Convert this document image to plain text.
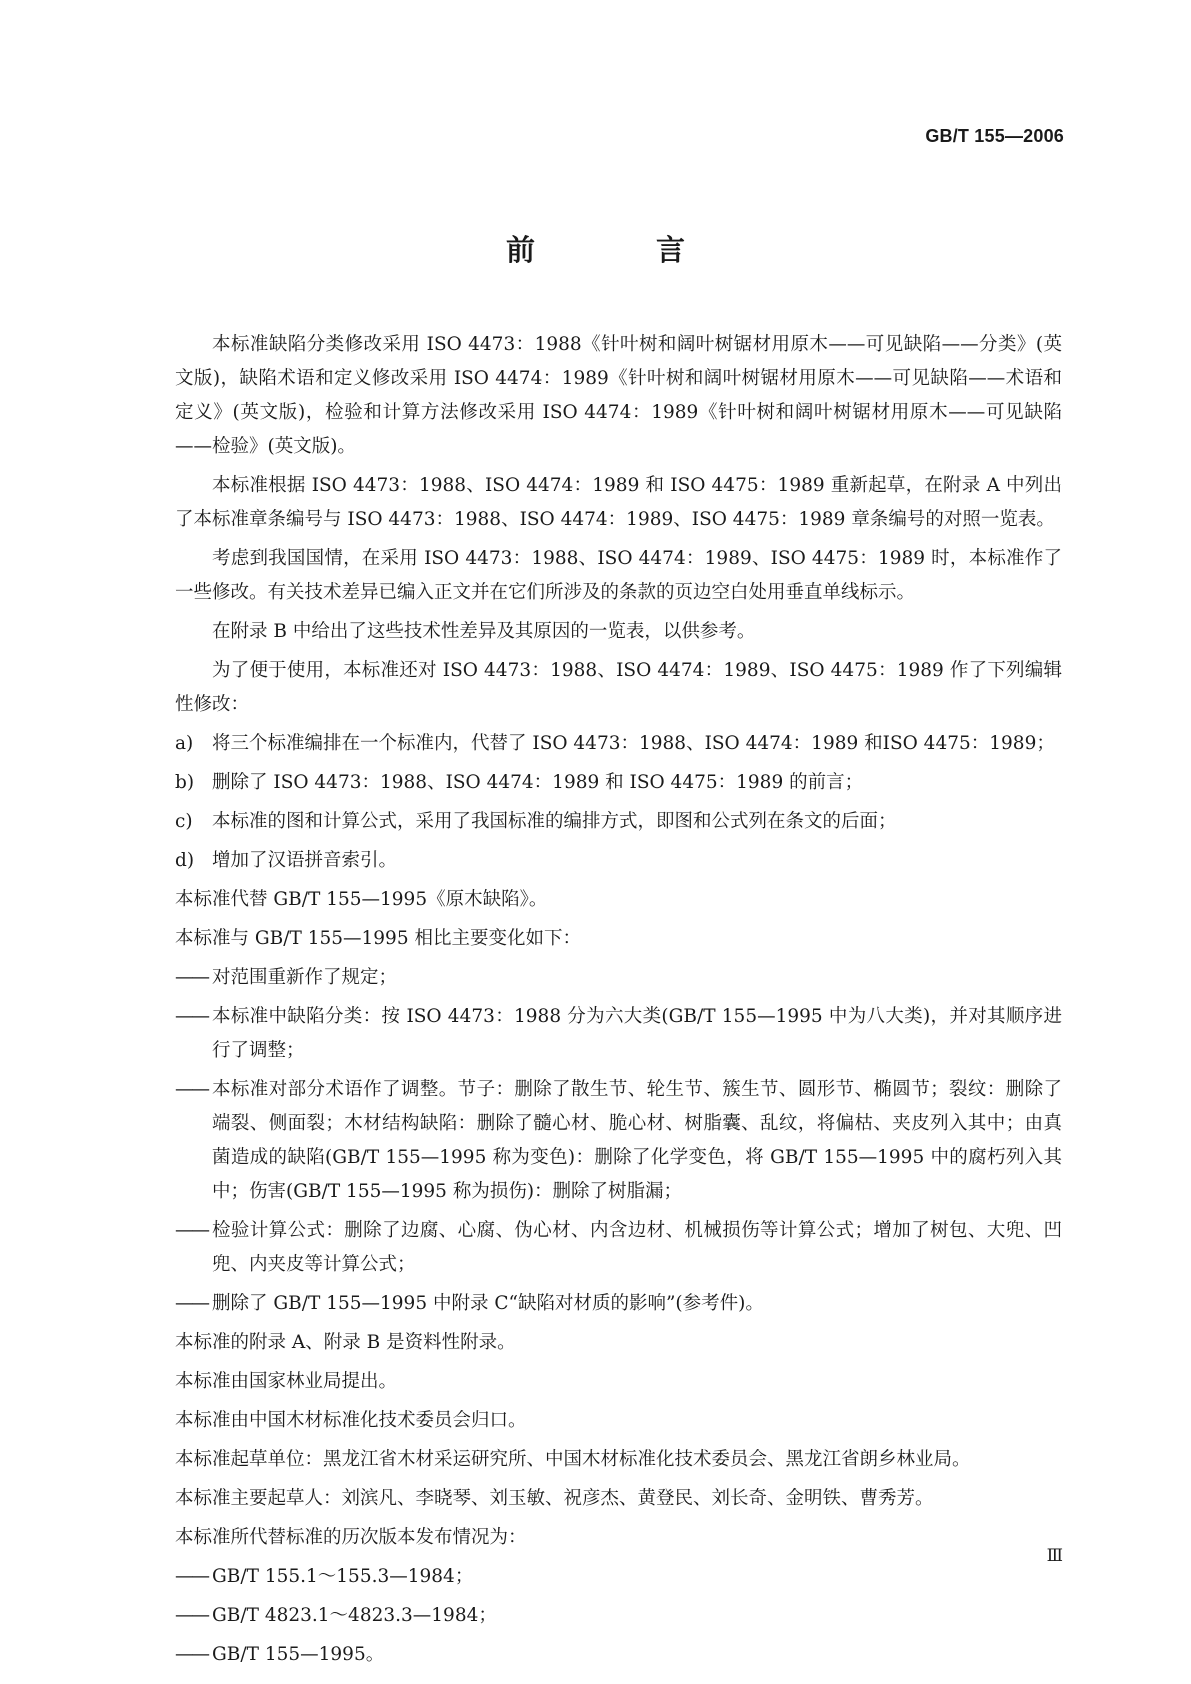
GB/T 155—2006
前　言

本标准缺陷分类修改采用 ISO 4473：1988《针叶树和阔叶树锯材用原木——可见缺陷——分类》(英文版)，缺陷术语和定义修改采用 ISO 4474：1989《针叶树和阔叶树锯材用原木——可见缺陷——术语和定义》(英文版)，检验和计算方法修改采用 ISO 4474：1989《针叶树和阔叶树锯材用原木——可见缺陷——检验》(英文版)。

本标准根据 ISO 4473：1988、ISO 4474：1989 和 ISO 4475：1989 重新起草，在附录 A 中列出了本标准章条编号与 ISO 4473：1988、ISO 4474：1989、ISO 4475：1989 章条编号的对照一览表。

考虑到我国国情，在采用 ISO 4473：1988、ISO 4474：1989、ISO 4475：1989 时，本标准作了一些修改。有关技术差异已编入正文并在它们所涉及的条款的页边空白处用垂直单线标示。

在附录 B 中给出了这些技术性差异及其原因的一览表，以供参考。

为了便于使用，本标准还对 ISO 4473：1988、ISO 4474：1989、ISO 4475：1989 作了下列编辑性修改：

a)	将三个标准编排在一个标准内，代替了 ISO 4473：1988、ISO 4474：1989 和ISO 4475：1989；
b) 删除了 ISO 4473：1988、ISO 4474：1989 和 ISO 4475：1989 的前言；
c)	本标准的图和计算公式，采用了我国标准的编排方式，即图和公式列在条文的后面；
d) 增加了汉语拼音索引。

本标准代替 GB/T 155—1995《原木缺陷》。

本标准与 GB/T 155—1995 相比主要变化如下：

—— 对范围重新作了规定；
—— 本标准中缺陷分类：按 ISO 4473：1988 分为六大类(GB/T 155—1995 中为八大类)，并对其顺序进行了调整；
—— 本标准对部分术语作了调整。节子：删除了散生节、轮生节、簇生节、圆形节、椭圆节；裂纹：删除了端裂、侧面裂；木材结构缺陷：删除了髓心材、脆心材、树脂囊、乱纹，将偏枯、夹皮列入其中；由真菌造成的缺陷(GB/T 155—1995 称为变色)：删除了化学变色，将 GB/T 155—1995 中的腐朽列入其中；伤害(GB/T 155—1995 称为损伤)：删除了树脂漏；
—— 检验计算公式：删除了边腐、心腐、伪心材、内含边材、机械损伤等计算公式；增加了树包、大兜、凹兜、内夹皮等计算公式；
—— 删除了 GB/T 155—1995 中附录 C“缺陷对材质的影响”(参考件)。

本标准的附录 A、附录 B 是资料性附录。

本标准由国家林业局提出。

本标准由中国木材标准化技术委员会归口。

本标准起草单位：黑龙江省木材采运研究所、中国木材标准化技术委员会、黑龙江省朗乡林业局。

本标准主要起草人：刘滨凡、李晓琴、刘玉敏、祝彦杰、黄登民、刘长奇、金明铁、曹秀芳。

本标准所代替标准的历次版本发布情况为：

—— GB/T 155.1～155.3—1984；
—— GB/T 4823.1～4823.3—1984；
—— GB/T 155—1995。
Ⅲ
